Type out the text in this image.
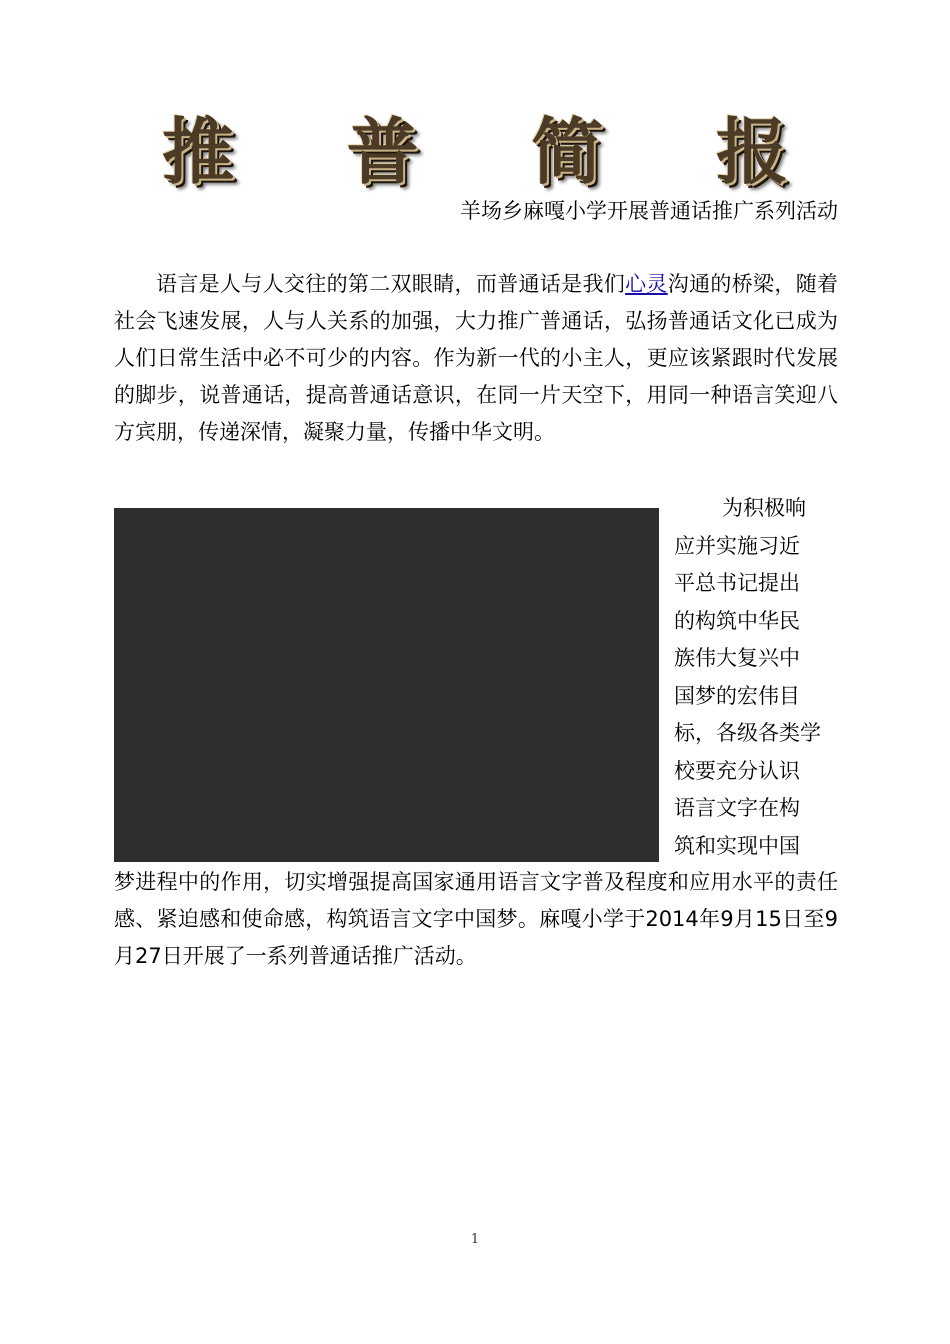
推 普 简 报
羊场乡麻嘎小学开展普通话推广系列活动

语言是人与人交往的第二双眼睛，而普通话是我们心灵沟通的桥梁，随着社会飞速发展，人与人关系的加强，大力推广普通话，弘扬普通话文化已成为人们日常生活中必不可少的内容。作为新一代的小主人，更应该紧跟时代发展的脚步，说普通话，提高普通话意识，在同一片天空下，用同一种语言笑迎八方宾朋，传递深情，凝聚力量，传播中华文明。

为积极响
应并实施习近
平总书记提出
的构筑中华民
族伟大复兴中
国梦的宏伟目
标，各级各类学
校要充分认识
语言文字在构
筑和实现中国

梦进程中的作用，切实增强提高国家通用语言文字普及程度和应用水平的责任感、紧迫感和使命感，构筑语言文字中国梦。麻嘎小学于2014年9月15日至9月27日开展了一系列普通话推广活动。

1
